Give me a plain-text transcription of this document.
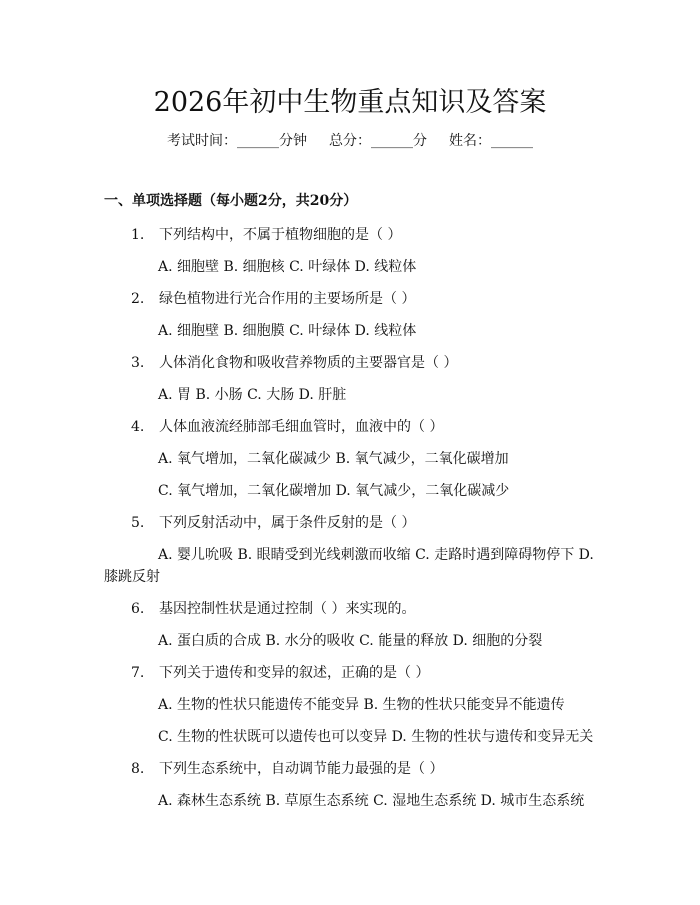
2026年初中生物重点知识及答案
考试时间：______分钟 总分：______分 姓名：______
一、单项选择题（每小题2分，共20分）
1. 下列结构中，不属于植物细胞的是（ ）
A. 细胞壁 B. 细胞核 C. 叶绿体 D. 线粒体
2. 绿色植物进行光合作用的主要场所是（ ）
A. 细胞壁 B. 细胞膜 C. 叶绿体 D. 线粒体
3. 人体消化食物和吸收营养物质的主要器官是（ ）
A. 胃 B. 小肠 C. 大肠 D. 肝脏
4. 人体血液流经肺部毛细血管时，血液中的（ ）
A. 氧气增加，二氧化碳减少 B. 氧气减少，二氧化碳增加
C. 氧气增加，二氧化碳增加 D. 氧气减少，二氧化碳减少
5. 下列反射活动中，属于条件反射的是（ ）
A. 婴儿吮吸 B. 眼睛受到光线刺激而收缩 C. 走路时遇到障碍物停下 D.
膝跳反射
6. 基因控制性状是通过控制（ ）来实现的。
A. 蛋白质的合成 B. 水分的吸收 C. 能量的释放 D. 细胞的分裂
7. 下列关于遗传和变异的叙述，正确的是（ ）
A. 生物的性状只能遗传不能变异 B. 生物的性状只能变异不能遗传
C. 生物的性状既可以遗传也可以变异 D. 生物的性状与遗传和变异无关
8. 下列生态系统中，自动调节能力最强的是（ ）
A. 森林生态系统 B. 草原生态系统 C. 湿地生态系统 D. 城市生态系统
